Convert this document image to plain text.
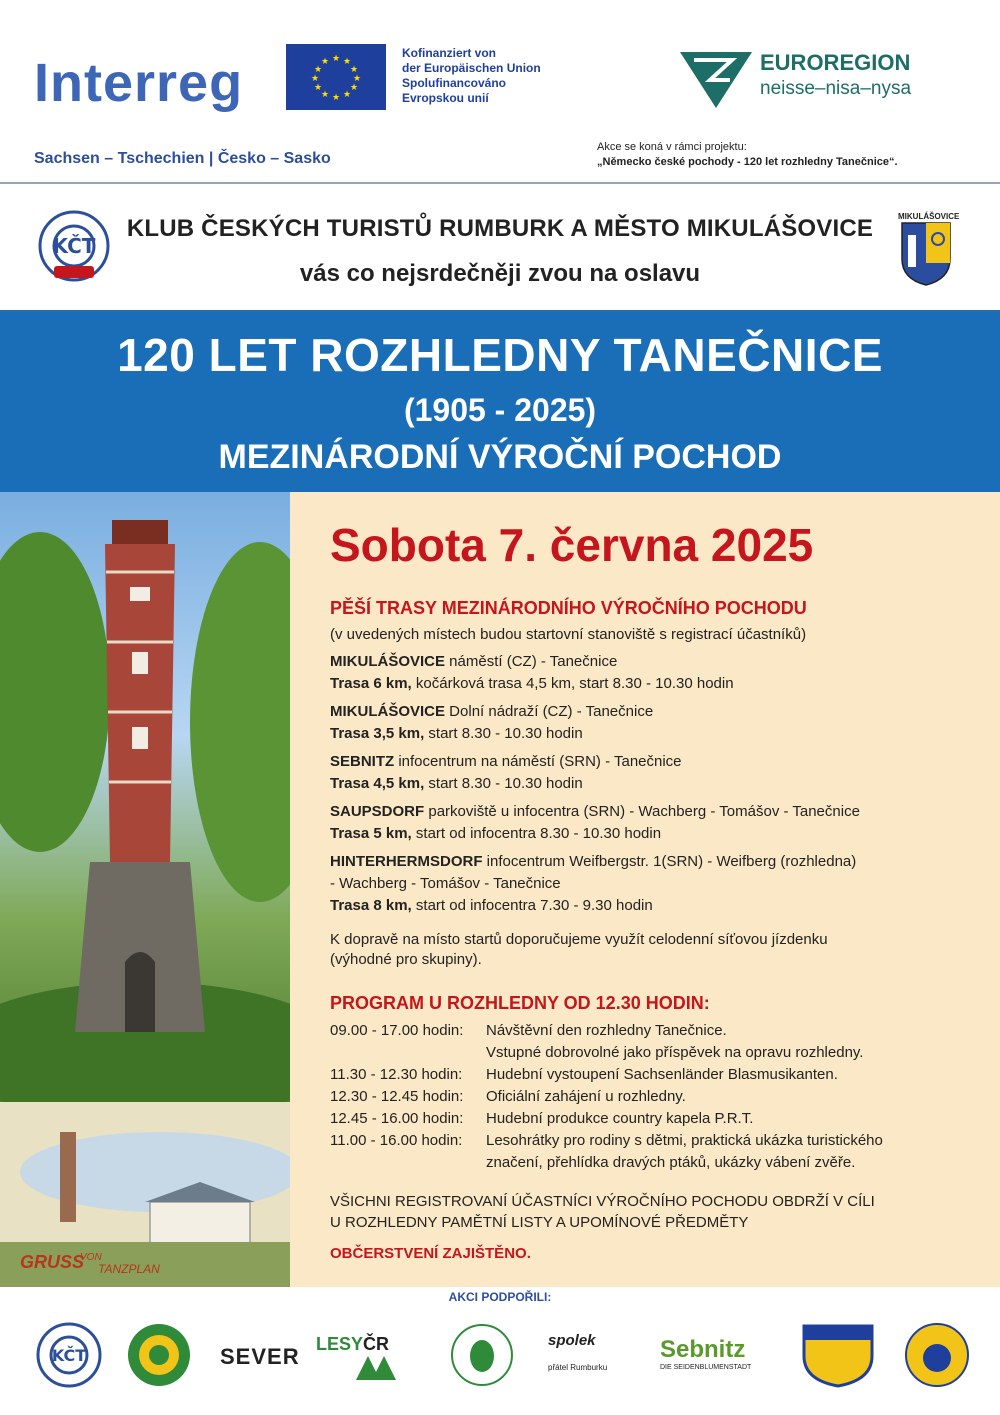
Interreg	★ ★
★
★
★
★
★
★
★
★
★
★
Kofinanziert von
der Europäischen Union
Spolufinancováno
Evropskou unií
EUROREGION
neisse–nisa–nysa
Sachsen – Tschechien | Česko – Sasko
Akce se koná v rámci projektu:
„Německo české pochody - 120 let rozhledny Tanečnice“.
KČT
MIKULÁŠOVICE
KLUB ČESKÝCH TURISTŮ RUMBURK A MĚSTO MIKULÁŠOVICE
vás co nejsrdečněji zvou na oslavu
120 LET ROZHLEDNY TANEČNICE
(1905 - 2025)
MEZINÁRODNÍ VÝROČNÍ POCHOD
GRUSS
VON
TANZPLAN
Sobota 7. června 2025
PĚŠÍ TRASY MEZINÁRODNÍHO VÝROČNÍHO POCHODU
(v uvedených místech budou startovní stanoviště s registrací účastníků)
MIKULÁŠOVICE náměstí (CZ) - Tanečnice
Trasa 6 km, kočárková trasa 4,5 km, start 8.30 - 10.30 hodin
MIKULÁŠOVICE Dolní nádraží (CZ) - Tanečnice
Trasa 3,5 km, start 8.30 - 10.30 hodin
SEBNITZ infocentrum na náměstí (SRN) - Tanečnice
Trasa 4,5 km, start 8.30 - 10.30 hodin
SAUPSDORF parkoviště u infocentra (SRN) - Wachberg - Tomášov - Tanečnice
Trasa 5 km, start od infocentra 8.30 - 10.30 hodin
HINTERHERMSDORF infocentrum Weifbergstr. 1(SRN) - Weifberg (rozhledna)
- Wachberg - Tomášov - Tanečnice
Trasa 8 km, start od infocentra 7.30 - 9.30 hodin
K dopravě na místo startů doporučujeme využít celodenní síťovou jízdenku
(výhodné pro skupiny).
PROGRAM U ROZHLEDNY OD 12.30 HODIN:
09.00 - 17.00 hodin: Návštěvní den rozhledny Tanečnice.
Vstupné dobrovolné jako příspěvek na opravu rozhledny.
11.30 - 12.30 hodin: Hudební vystoupení Sachsenländer Blasmusikanten.
12.30 - 12.45 hodin: Oficiální zahájení u rozhledny.
12.45 - 16.00 hodin: Hudební produkce country kapela P.R.T.
11.00 - 16.00 hodin: Lesohrátky pro rodiny s dětmi, praktická ukázka turistického
značení, přehlídka dravých ptáků, ukázky vábení zvěře.
VŠICHNI REGISTROVANÍ ÚČASTNÍCI VÝROČNÍHO POCHODU OBDRŽÍ V CÍLI
U ROZHLEDNY PAMĚTNÍ LISTY A UPOMÍNOVÉ PŘEDMĚTY
OBČERSTVENÍ ZAJIŠTĚNO.
AKCI PODPOŘILI:
KČT	SEVER LESYČR	spolek
přátel Rumburku
Sebnitz
DIE SEIDENBLUMENSTADT
